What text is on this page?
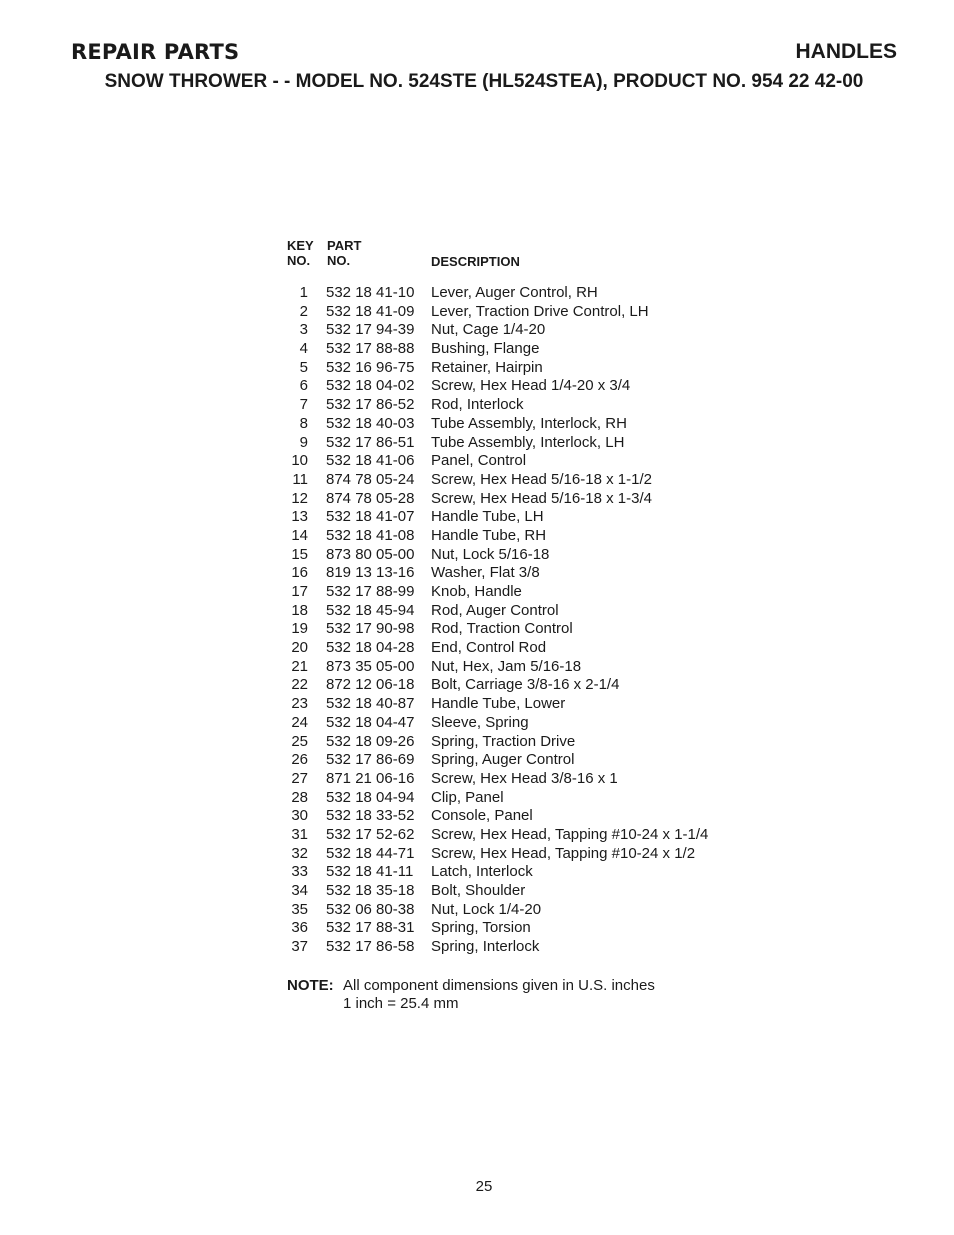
REPAIR PARTS	HANDLES
SNOW THROWER - - MODEL NO. 524STE (HL524STEA), PRODUCT NO. 954 22 42-00
KEY
NO.
PART
NO.	DESCRIPTION
1 532 18 41-10 Lever, Auger Control, RH
2 532 18 41-09 Lever, Traction Drive Control, LH
3 532 17 94-39 Nut, Cage 1/4-20
4 532 17 88-88 Bushing, Flange
5 532 16 96-75 Retainer, Hairpin
6 532 18 04-02 Screw, Hex Head 1/4-20 x 3/4
7 532 17 86-52 Rod, Interlock
8 532 18 40-03 Tube Assembly, Interlock, RH
9 532 17 86-51 Tube Assembly, Interlock, LH
10 532 18 41-06 Panel, Control
11 874 78 05-24 Screw, Hex Head 5/16-18 x 1-1/2
12 874 78 05-28 Screw, Hex Head 5/16-18 x 1-3/4
13 532 18 41-07 Handle Tube, LH
14 532 18 41-08 Handle Tube, RH
15 873 80 05-00 Nut, Lock 5/16-18
16 819 13 13-16 Washer, Flat 3/8
17 532 17 88-99 Knob, Handle
18 532 18 45-94 Rod, Auger Control
19 532 17 90-98 Rod, Traction Control
20 532 18 04-28 End, Control Rod
21 873 35 05-00 Nut, Hex, Jam 5/16-18
22 872 12 06-18 Bolt, Carriage 3/8-16 x 2-1/4
23 532 18 40-87 Handle Tube, Lower
24 532 18 04-47 Sleeve, Spring
25 532 18 09-26 Spring, Traction Drive
26 532 17 86-69 Spring, Auger Control
27 871 21 06-16 Screw, Hex Head 3/8-16 x 1
28 532 18 04-94 Clip, Panel
30 532 18 33-52 Console, Panel
31 532 17 52-62 Screw, Hex Head, Tapping #10-24 x 1-1/4
32 532 18 44-71 Screw, Hex Head, Tapping #10-24 x 1/2
33 532 18 41-11 Latch, Interlock
34 532 18 35-18 Bolt, Shoulder
35 532 06 80-38 Nut, Lock 1/4-20
36 532 17 88-31 Spring, Torsion
37 532 17 86-58 Spring, Interlock
NOTE: All component dimensions given in U.S. inches
1 inch = 25.4 mm
25
